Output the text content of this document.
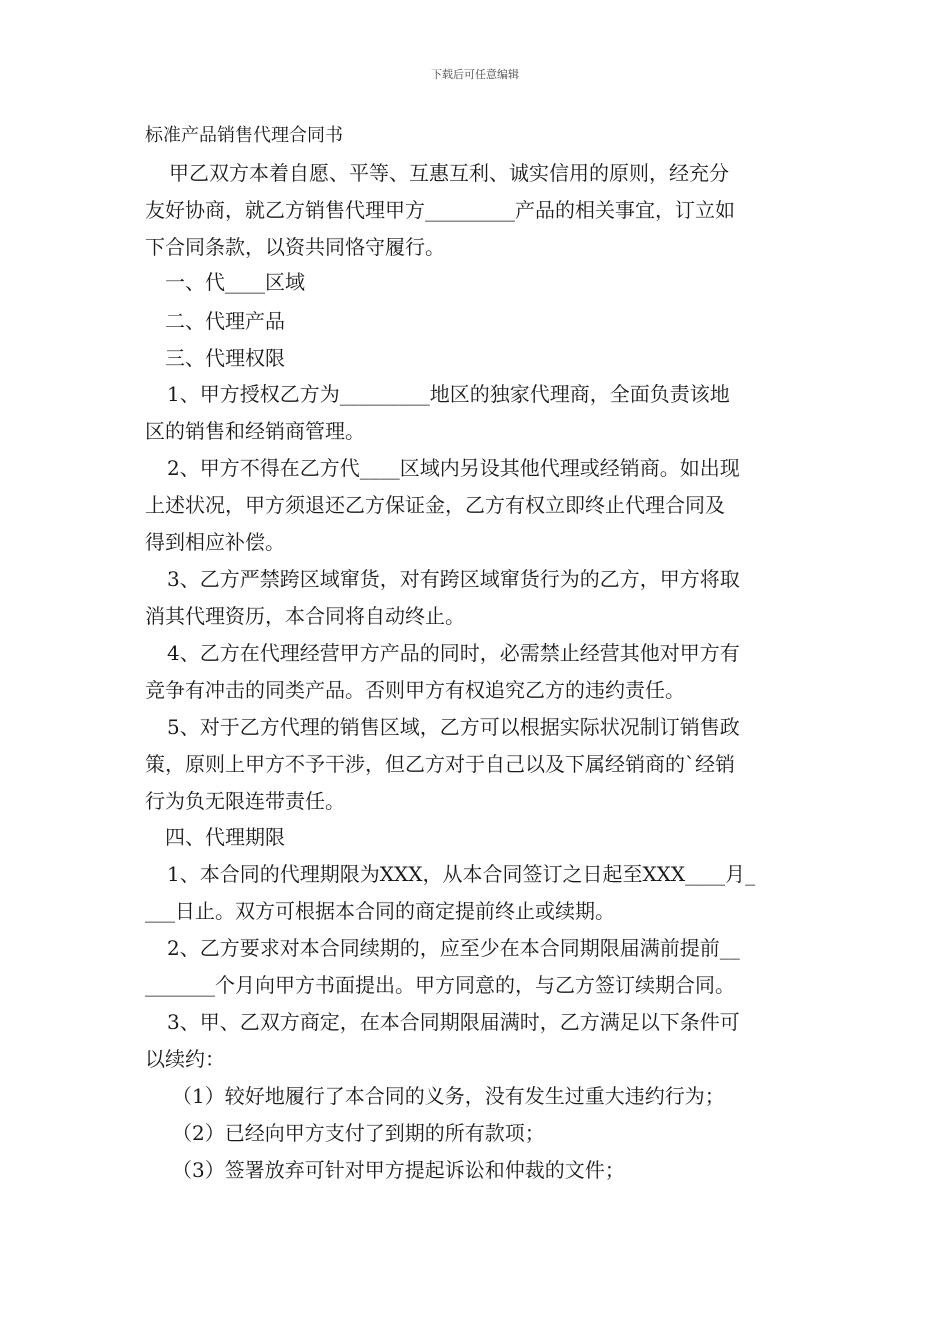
下载后可任意编辑
标准产品销售代理合同书
甲乙双方本着自愿、平等、互惠互利、诚实信用的原则，经充分
友好协商，就乙方销售代理甲方_________产品的相关事宜，订立如
下合同条款，以资共同恪守履行。
一、代____区域
二、代理产品
三、代理权限
1、甲方授权乙方为_________地区的独家代理商，全面负责该地
区的销售和经销商管理。
2、甲方不得在乙方代____区域内另设其他代理或经销商。如出现
上述状况，甲方须退还乙方保证金，乙方有权立即终止代理合同及
得到相应补偿。
3、乙方严禁跨区域窜货，对有跨区域窜货行为的乙方，甲方将取
消其代理资历，本合同将自动终止。
4、乙方在代理经营甲方产品的同时，必需禁止经营其他对甲方有
竞争有冲击的同类产品。否则甲方有权追究乙方的违约责任。
5、对于乙方代理的销售区域，乙方可以根据实际状况制订销售政
策，原则上甲方不予干涉，但乙方对于自己以及下属经销商的`经销
行为负无限连带责任。
四、代理期限
1、本合同的代理期限为XXX，从本合同签订之日起至XXX____月_
___日止。双方可根据本合同的商定提前终止或续期。
2、乙方要求对本合同续期的，应至少在本合同期限届满前提前__
_______个月向甲方书面提出。甲方同意的，与乙方签订续期合同。
3、甲、乙双方商定，在本合同期限届满时，乙方满足以下条件可
以续约：
（1）较好地履行了本合同的义务，没有发生过重大违约行为；
（2）已经向甲方支付了到期的所有款项；
（3）签署放弃可针对甲方提起诉讼和仲裁的文件；
